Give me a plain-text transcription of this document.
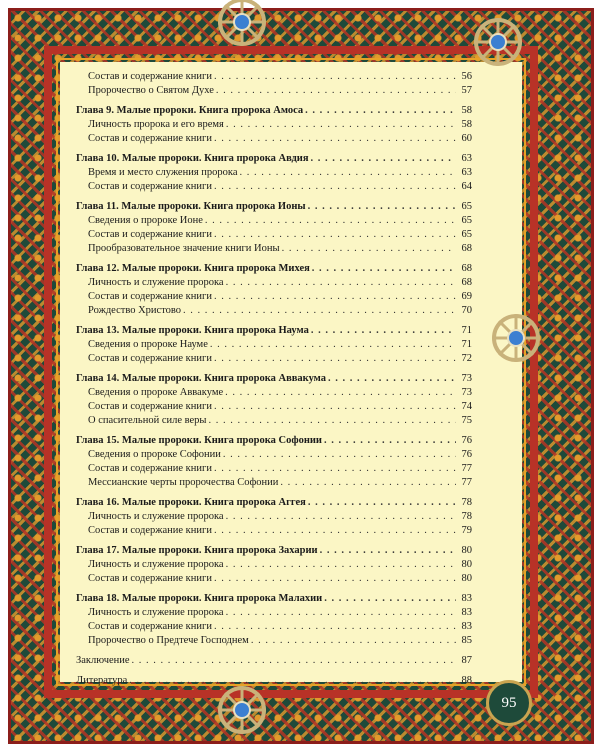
Состав и содержание книги . . .	56
Пророчество о Святом Духе . . .	57
Глава 9. Малые пророки. Книга пророка Амоса . . .	58
Личность пророка и его время . . .	58
Состав и содержание книги . . .	60
Глава 10. Малые пророки. Книга пророка Авдия . . .	63
Время и место служения пророка . . .	63
Состав и содержание книги . . .	64
Глава 11. Малые пророки. Книга пророка Ионы . . .	65
Сведения о пророке Ионе . . .	65
Состав и содержание книги . . .	65
Прообразовательное значение книги Ионы . . .	68
Глава 12. Малые пророки. Книга пророка Михея . . .	68
Личность и служение пророка . . .	68
Состав и содержание книги . . .	69
Рождество Христово . . .	70
Глава 13. Малые пророки. Книга пророка Наума . . .	71
Сведения о пророке Науме . . .	71
Состав и содержание книги . . .	72
Глава 14. Малые пророки. Книга пророка Аввакума . . .	73
Сведения о пророке Аввакуме . . .	73
Состав и содержание книги . . .	74
О спасительной силе веры . . .	75
Глава 15. Малые пророки. Книга пророка Софонии . . .	76
Сведения о пророке Софонии . . .	76
Состав и содержание книги . . .	77
Мессианские черты пророчества Софонии . . .	77
Глава 16. Малые пророки. Книга пророка Аггея . . .	78
Личность и служение пророка . . .	78
Состав и содержание книги . . .	79
Глава 17. Малые пророки. Книга пророка Захарии . . .	80
Личность и служение пророка . . .	80
Состав и содержание книги . . .	80
Глава 18. Малые пророки. Книга пророка Малахии . . .	83
Личность и служение пророка . . .	83
Состав и содержание книги . . .	83
Пророчество о Предтече Господнем . . .	85
Заключение . . .	87
Литература . . .	88
95
